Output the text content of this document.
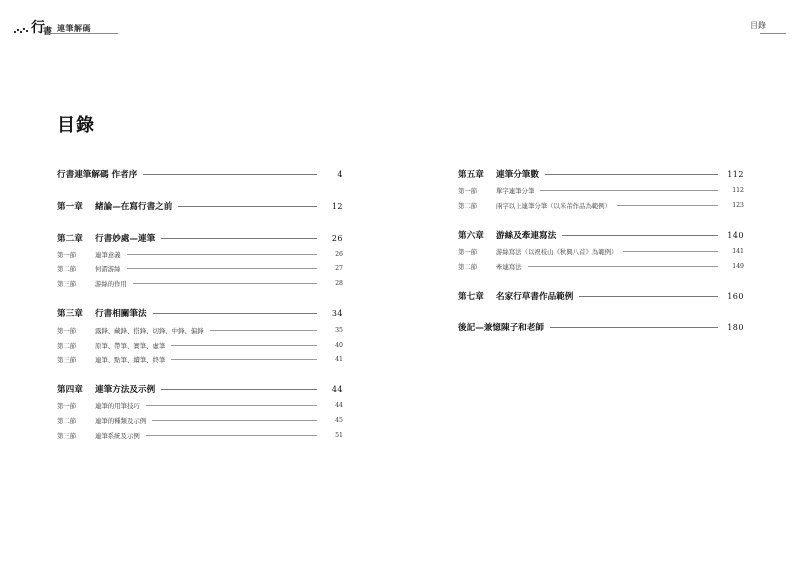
行
書 連筆解碼	目錄
目錄
行書連筆解碼 作者序	4
第一章	緒論—在寫行書之前	12
第二章	行書妙處—連筆	26
第一節	連筆意義	26
第二節	何謂游絲	27
第三節	游絲的作用	28
第三章	行書相關筆法	34
第一節	露鋒、藏鋒、搭鋒、切鋒、中鋒、偏鋒	35
第二節	原筆、帶筆、實筆、虛筆	40
第三節	連筆、點筆、續筆、終筆	41
第四章	連筆方法及示例	44
第一節	連筆的用筆技巧	44
第二節	連筆的種類及示例	45
第三節	連筆系統及示例	51
第五章	連筆分筆數	112
第一節	單字連筆分筆	112
第二節	兩字以上連筆分筆（以米芾作品為範例）	123
第六章	游絲及牽連寫法	140
第一節	游絲寫法（以祝枝山《秋興八首》為範例）	141
第二節	牽連寫法	149
第七章	名家行草書作品範例	160
後記—兼憶陳子和老師	180
